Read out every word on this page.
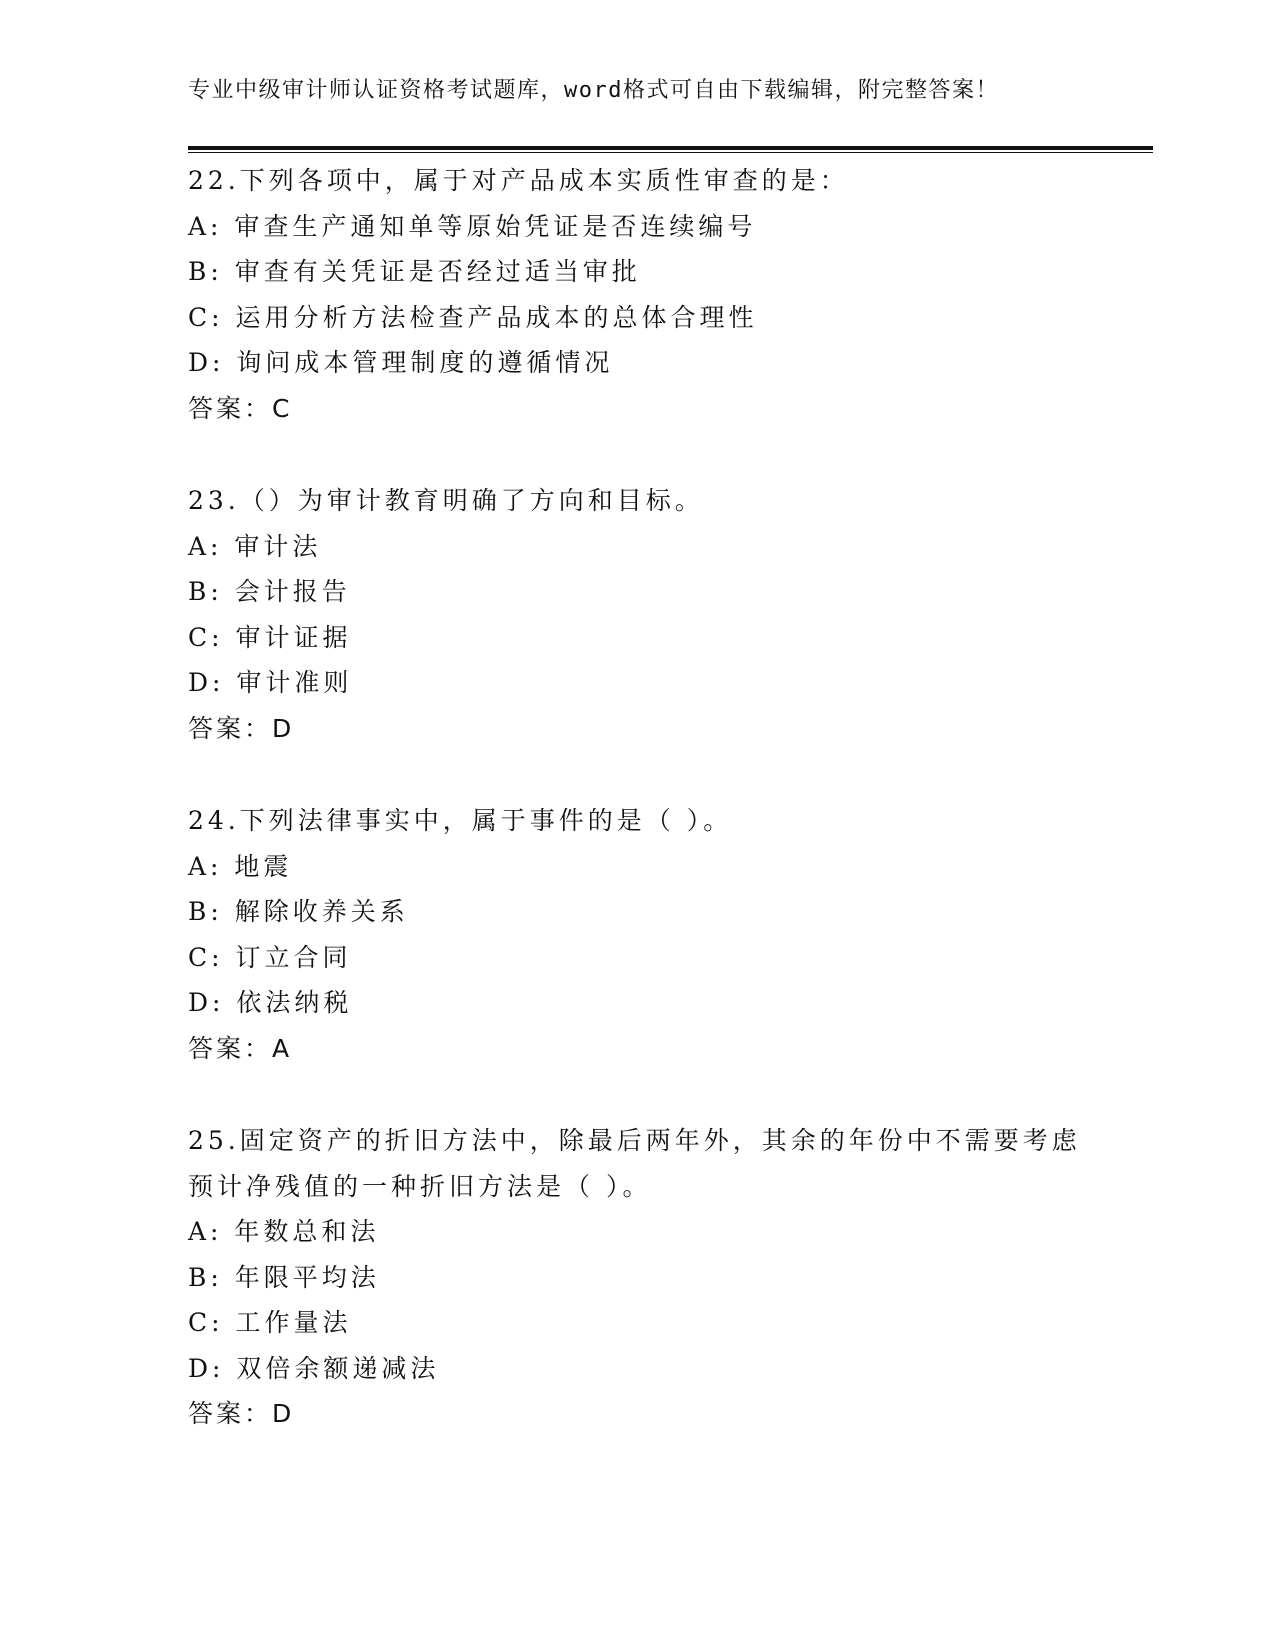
专业中级审计师认证资格考试题库，word格式可自由下载编辑，附完整答案！
22.下列各项中，属于对产品成本实质性审查的是：
A: 审查生产通知单等原始凭证是否连续编号
B: 审查有关凭证是否经过适当审批
C: 运用分析方法检查产品成本的总体合理性
D: 询问成本管理制度的遵循情况
答案：C
23.（）为审计教育明确了方向和目标。
A: 审计法
B: 会计报告
C: 审计证据
D: 审计准则
答案：D
24.下列法律事实中，属于事件的是（ ）。
A: 地震
B: 解除收养关系
C: 订立合同
D: 依法纳税
答案：A
25.固定资产的折旧方法中，除最后两年外，其余的年份中不需要考虑
预计净残值的一种折旧方法是（ ）。
A: 年数总和法
B: 年限平均法
C: 工作量法
D: 双倍余额递减法
答案：D
